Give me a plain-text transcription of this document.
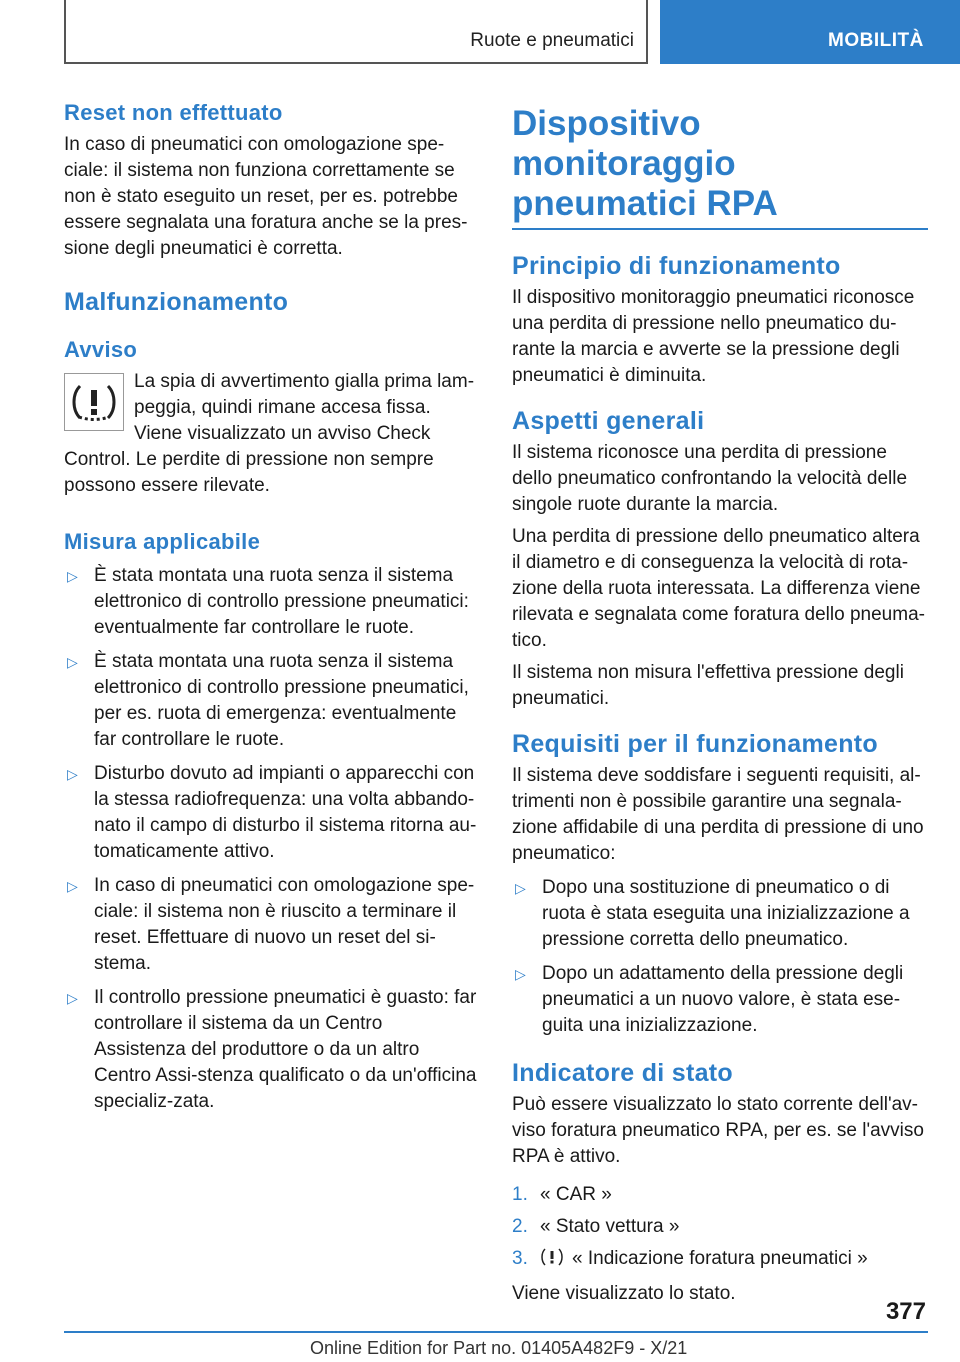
Ruote e pneumatici	MOBILITÀ
Reset non effettuato

In caso di pneumatici con omologazione spe-ciale: il sistema non funziona correttamente se non è stato eseguito un reset, per es. potrebbe essere segnalata una foratura anche se la pres-sione degli pneumatici è corretta.

Malfunzionamento
Avviso

La spia di avvertimento gialla prima lam-peggia, quindi rimane accesa fissa. Viene visualizzato un avviso Check Control. Le perdite di pressione non sempre possono essere rilevate.

Misura applicabile
▷ È stata montata una ruota senza il sistema elettronico di controllo pressione pneumatici: eventualmente far controllare le ruote.
▷ È stata montata una ruota senza il sistema elettronico di controllo pressione pneumatici, per es. ruota di emergenza: eventualmente far controllare le ruote.
▷ Disturbo dovuto ad impianti o apparecchi con la stessa radiofrequenza: una volta abbando-nato il campo di disturbo il sistema ritorna au-tomaticamente attivo.
▷ In caso di pneumatici con omologazione spe-ciale: il sistema non è riuscito a terminare il reset. Effettuare di nuovo un reset del si-stema.
▷ Il controllo pressione pneumatici è guasto: far controllare il sistema da un Centro Assistenza del produttore o da un altro Centro Assi-stenza qualificato o da un'officina specializ-zata.
Dispositivo monitoraggio pneumatici RPA
Principio di funzionamento

Il dispositivo monitoraggio pneumatici riconosce una perdita di pressione nello pneumatico du-rante la marcia e avverte se la pressione degli pneumatici è diminuita.

Aspetti generali

Il sistema riconosce una perdita di pressione dello pneumatico confrontando la velocità delle singole ruote durante la marcia.

Una perdita di pressione dello pneumatico altera il diametro e di conseguenza la velocità di rota-zione della ruota interessata. La differenza viene rilevata e segnalata come foratura dello pneuma-tico.

Il sistema non misura l'effettiva pressione degli pneumatici.

Requisiti per il funzionamento

Il sistema deve soddisfare i seguenti requisiti, al-trimenti non è possibile garantire una segnala-zione affidabile di una perdita di pressione di uno pneumatico:

▷ Dopo una sostituzione di pneumatico o di ruota è stata eseguita una inizializzazione a pressione corretta dello pneumatico.
▷ Dopo un adattamento della pressione degli pneumatici a un nuovo valore, è stata ese-guita una inizializzazione.
Indicatore di stato

Può essere visualizzato lo stato corrente dell'av-viso foratura pneumatico RPA, per es. se l'avviso RPA è attivo.

1. « CAR »
2. « Stato vettura »
3. « Indicazione foratura pneumatici »

Viene visualizzato lo stato.

377
Online Edition for Part no. 01405A482F9 - X/21
